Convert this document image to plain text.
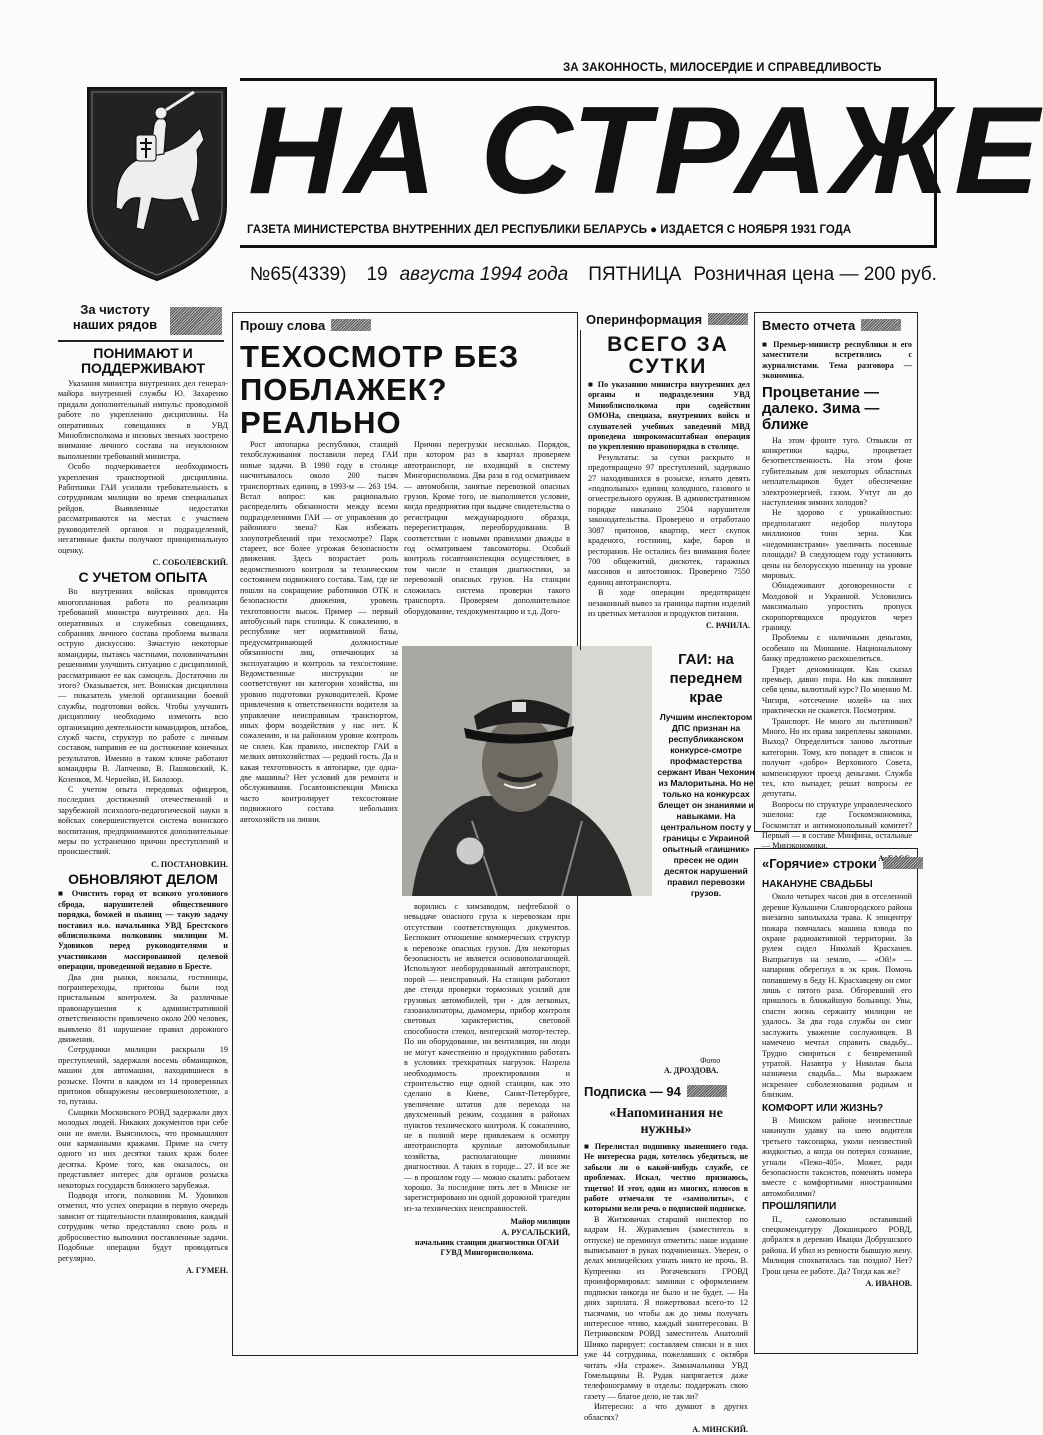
ЗА ЗАКОННОСТЬ, МИЛОСЕРДИЕ И СПРАВЕДЛИВОСТЬ
НА СТРАЖЕ
ГАЗЕТА МИНИСТЕРСТВА ВНУТРЕННИХ ДЕЛ РЕСПУБЛИКИ БЕЛАРУСЬ ● ИЗДАЕТСЯ С НОЯБРЯ 1931 ГОДА
№65(4339) 19 августа 1994 года ПЯТНИЦА Розничная цена — 200 руб.
За чистоту наших рядов
ПОНИМАЮТ И ПОДДЕРЖИВАЮТ

Указания министра внутренних дел генерал-майора внутренней службы Ю. Захаренко придали дополнительный импульс проводимой работе по укреплению дисциплины. На оперативных совещаниях в УВД Миноблисполкома и низовых звеньях заострено внимание личного состава на неуклонном выполнении требований министра.

Особо подчеркивается необходимость укрепления транспортной дисциплины. Работники ГАИ усилили требовательность к сотрудникам милиции во время специальных рейдов. Выявленные недостатки рассматриваются на местах с участием руководителей органов и подразделений, негативные факты получают принципиальную оценку.

С. СОБОЛЕВСКИЙ.
С УЧЕТОМ ОПЫТА

Во внутренних войсках проводится многоплановая работа по реализации требований министра внутренних дел. На оперативных и служебных совещаниях, собраниях личного состава проблема вызвала острую дискуссию. Зачастую некоторые командиры, пытаясь частными, половинчатыми решениями улучшить ситуацию с дисциплиной, рассматривают ее как самоцель. Достаточно ли этого? Оказывается, нет. Воинская дисциплина — показатель умелой организации боевой службы, подготовки войск. Чтобы улучшить дисциплину необходимо изменить всю организацию деятельности командиров, штабов, служб части, структур по работе с личным составом, направив ее на достижение конечных результатов. Именно в таком ключе работают командиры В. Лапченко, В. Пашковский, К. Козенков, М. Чернейко, И. Билозор.

С учетом опыта передовых офицеров, последних достижений отечественной и зарубежной психолого-педагогической науки в войсках совершенствуется система воинского воспитания, предпринимаются дополнительные меры по устранению причин преступлений и происшествий.

С. ПОСТАНОВКИН.
ОБНОВЛЯЮТ ДЕЛОМ

■ Очистить город от всякого уголовного сброда, нарушителей общественного порядка, бомжей и пьяниц — такую задачу поставил и.о. начальника УВД Брестского облисполкома полковник милиции М. Удовиков перед руководителями и участниками массированной целевой операции, проведенной недавно в Бресте.

Два дня рынки, вокзалы, гостиницы, погранпереходы, притоны были под пристальным контролем. За различные правонарушения к административной ответственности привлечено около 200 человек, выявлено 81 нарушение правил дорожного движения.

Сотрудники милиции раскрыли 19 преступлений, задержали восемь обманщиков, машин для автомашин, находившиеся в розыске. Почти в каждом из 14 проверенных притонов обнаружены несовершеннолетние, а то, путаны.

Сыщики Московского РОВД задержали двух молодых людей. Никаких документов при себе они не имели. Выяснилось, что промышляют они карманными кражами. Приме на счету одного из них десятки таких краж более десятка. Кроме того, как оказалось, он представляет интерес для органов розыска некоторых государств ближнего зарубежья.

Подводя итоги, полковник М. Удовиков отметил, что успех операции в первую очередь зависит от тщательности планирования, каждый сотрудник четко представлял свою роль и добросовестно выполнил поставленные задачи. Подобные операции будут проводиться регулярно.

А. ГУМЕН.
Прошу слова
ТЕХОСМОТР БЕЗ ПОБЛАЖЕК? РЕАЛЬНО

Рост автопарка республики, станций техобслуживания поставили перед ГАИ новые задачи. В 1990 году в столице насчитывалось около 200 тысяч транспортных единиц, в 1993-м — 263 194. Встал вопрос: как рационально распределить обязанности между всеми подразделениями ГАИ — от управления до районного звена? Как избежать злоупотреблений при техосмотре? Парк стареет, все более угрожая безопасности движения. Здесь возрастает роль ведомственного контроля за техническим состоянием подвижного состава. Там, где не пошли на сокращение работников ОТК и безопасности движения, уровень техготовности высок. Пример — первый автобусный парк столицы. К сожалению, в республике нет нормативной базы, предусматривающей должностные обязанности лиц, отвечающих за эксплуатацию и контроль за техсостояние. Ведомственные инструкции не соответствуют ни категории хозяйства, ни уровню подготовки руководителей. Кроме привлечения к ответственности водителя за управление неисправным транспортом, иных форм воздействия у нас нет. К сожалению, и на районном уровне контроль не силен. Как правило, инспектор ГАИ в мелких автохозяйствах — редкий гость. Да и какая техготовность в автопарке, где одна-две машины? Нет условий для ремонта и обслуживания. Госавтоинспекция Минска часто контролирует техсостояние подвижного состава небольших автохозяйств на линии.

Причин перегрузки несколько. Порядок, при котором раз в квартал проверяем автотранспорт, не входящий в систему Мингорисполкома. Два раза в год осматриваем — автомобили, занятые перевозкой опасных грузов. Кроме того, не выполняется условие, когда предприятия при выдаче свидетельства о регистрации международного образца, перерегистрация, переоборудовании. В соответствии с новыми правилами дважды в год осматриваем таксомоторы. Особый контроль госавтоинспекция осуществляет, в том числе и станция диагностики, за перевозкой опасных грузов. На станции сложилась система проверки такого транспорта. Проверяем дополнительное оборудование, техдокументацию и т.д. Дого-

ворились с химзаводом, нефтебазой о невыдаче опасного груза к неревозкам при отсутствии соответствующих документов. Беспокоит отношение коммерческих структур к перевозке опасных грузов. Для некоторых безопасность не является основополагающей. Используют необорудованный автотранспорт, порой — неисправный. На станции работают две стенда проверки тормозных усилий для грузовых автомобилей, три - для легковых, газоанализаторы, дымомеры, прибор контроля световых характеристик, световой способности стекол, венгерский мотор-тестер. По ни оборудование, ни вентиляция, ни люди не могут качественно и продуктивно работать в условиях трехкратных нагрузок. Назрела необходимость проектирования и строительство еще одной станции, как это сделано в Киеве, Санкт-Петербурге, увеличение штатов для перехода на двухсменный режим, создания в районах пунктов технического контроля. К сожалению, не в полной мере привлекаем к осмотру автотранспорта крупные автомобильные хозяйства, располагающие линиями диагностики. А таких в городе... 27. И все же — в прошлом году — можно сказать: работаем хорошо. За последние пять лет в Минске не зарегистрировано ни одной дорожной трагедии из-за технических неисправностей.

Майор милиции
А. РУСАЛЬСКИЙ,
начальник станции диагностики ОГАИ ГУВД Мингорисполкома.
ГАИ: на переднем крае
Лучшим инспектором ДПС признан на республиканском конкурсе-смотре профмастерства сержант Иван Чехонин из Малоритына. Но не только на конкурсах блещет он знаниями и навыками. На центральном посту у границы с Украиной опытный «гаишник» пресек не один десяток нарушений правил перевозки грузов.
Фото
А. ДРОЗДОВА.
Оперинформация
ВСЕГО ЗА СУТКИ

■ По указанию министра внутренних дел органы и подразделения УВД Миноблисполкома при содействии ОМОНа, спецназа, внутренних войск и слушателей учебных заведений МВД проведена широкомасштабная операция по укреплению правопорядка в столице.

Результаты: за сутки раскрыто и предотвращено 97 преступлений, задержано 27 находившихся в розыске, изъято девять «подпольных» единиц холодного, газового и огнестрельного оружия. В административном порядке наказано 2504 нарушителя законодательства. Проверено и отработано 3087 притонов, квартир, мест скупок краденого, гостиниц, кафе, баров и ресторанов. Не остались без внимания более 700 общежитий, дискотек, гаражных массивов и автостоянок. Проверено 7550 единиц автотранспорта.

В ходе операции предотвращен незаконный вывоз за границы партии изделий из цветных металлов и продуктов питания.

С. РАЧИЛА.
Вместо отчета

■ Премьер-министр республики и его заместители встретились с журналистами. Тема разговора — экономика.

Процветание — далеко. Зима — ближе

На этом фронте туго. Отвыкли от конкретики кадры, процветает безответственность. На этом фоне губительным для некоторых областных неплательщиков будет обеспечение электроэнергией, газом. Учтут ли до наступления зимних холодов?

Не здорово с урожайностью: предполагают недобор полутора миллионов тонн зерна. Как «недоминистрами» увеличить посевные площади? В следующем году установить цены на белорусскую пшеницу на уровне мировых.

Обнадеживают договоренности с Молдовой и Украиной. Условились максимально упростить пропуск скоропортящихся продуктов через границу.

Проблемы с наличными деньгами, особенно на Миншине. Национальному банку предложено раскошелиться.

Грядет деноминация. Как сказал премьер, давно пора. Но как повлияют себя цены, валютный курс? По мнению М. Чигиря, «отсечение нолей» на них практически не скажется. Посмотрим.

Транспорт. Не много ли льготников? Много. Но их права закреплены законами. Выход? Определиться заново льготные категории. Тому, кто попадет в список и получит «добро» Верховного Совета, компенсируют проезд деньгами. Служба тех, кто выпадет, решат вопросы ее депутаты.

Вопросы по структуре управленческого эшелона: где Госкомэкономика, Госкомстат и антимонопольный комитет? Первый — в составе Минфина, остальные — Минэкономики.

А. БАСС.
Подписка — 94
«Напоминания не нужны»

■ Перелистал подшивку нынешнего года. Не интересна ради, хотелось убедиться, не забыли ли о какой-нибудь службе, се проблемах. Искал, честно признаюсь, тщетно! И этот, один из многих, плюсов в работе отмечали те «замполиты», с которыми вели речь о подписной подписке.

В Житковичах старший инспектор по кадрам Н. Журавлевич (заместитель в отпуске) не преминул отметить: наше издание выписывают в руках подчиненных. Уверен, о делах милицейских узнать никто не прочь. В. Купреенко из Рогачевского ГРОВД проинформировал: заминки с оформлением подписки никогда не было и не будет. — На днях зарплата. Я пожертвовал всего-то 12 тысячами, но чтобы аж до зимы получать интересное чтиво, каждый заинтересован. В Петриковском РОВД заместитель Анатолий Шияко парирует: составляем списки и в них уже 44 сотрудника, пожелавших с октября читать «На страже». Замначальника УВД Гомельщины В. Рудак напрягается даже телефонограмму в отделы: поддержать свою газету — благое дело, не так ли?

Интересно: а что думают в других областях?

А. МИНСКИЙ.
«Горячие» строки
НАКАНУНЕ СВАДЬБЫ

Около четырех часов дня в отселенной деревне Кульшичи Славгородского района внезапно заполыхала трава. К эпицентру пожара помчалась машина взвода по охране радиоактивной территории. За рулем сидел Николай Красханев. Выпрыгнув на землю, — «Ой!» — напарник оберегнул в эк крик. Помочь попавшему в беду Н. Красхавцеву он смог лишь с пятого раза. Обгоревший его пришлось в ближайшую больницу. Увы, спасти жизнь сержанту милиции не удалось. За два года службы он смог заслужить уважение сослуживцев. В намечено мечтал справить свадьбу... Трудно смириться с безвременной утратой. Назавтра у Николая была назначена свадьба... Мы выражаем искреннее соболезнования родным и близким.

КОМФОРТ ИЛИ ЖИЗНЬ?

В Минском районе неизвестные накинули удавку на шею водителя третьего таксопарка, уколи неизвестной жидкостью, а когда он потерял сознание, угнали «Пежо-405». Может, ради безопасности таксистов, поменять номера вместе с комфортными иностранными автомобилями?

ПРОШЛЯПИЛИ

П., самовольно оставивший спецкомендатуру Докшицкого РОВД, добрался в деревню Ивацки Добрушского района. И убил из ревности бывшую жену. Милиция спохватилась так поздно? Нет? Грош цена ее работе. Да? Тогда как же?

А. ИВАНОВ.
